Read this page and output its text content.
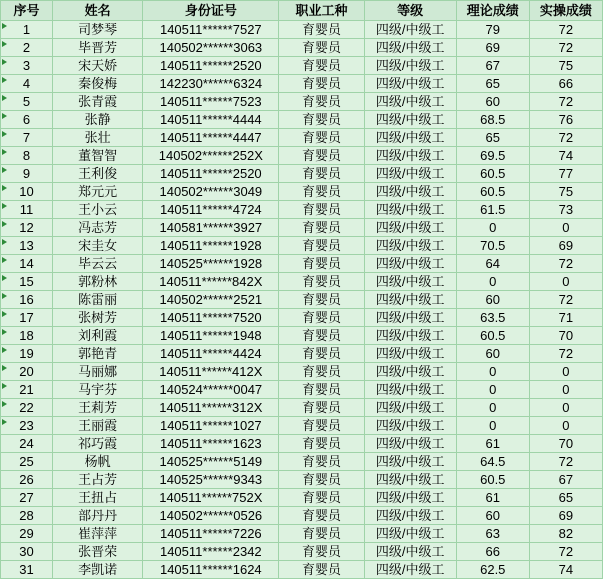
序号	姓名	身份证号	职业工种	等级	理论成绩	实操成绩
1	司梦琴	140511******7527	育婴员	四级/中级工	79	72
2	毕晋芳	140502******3063	育婴员	四级/中级工	69	72
3	宋天娇	140511******2520	育婴员	四级/中级工	67	75
4	秦俊梅	142230******6324	育婴员	四级/中级工	65	66
5	张青霞	140511******7523	育婴员	四级/中级工	60	72
6	张静	140511******4444	育婴员	四级/中级工	68.5	76
7	张壮	140511******4447	育婴员	四级/中级工	65	72
8	董智智	140502******252X	育婴员	四级/中级工	69.5	74
9	王利俊	140511******2520	育婴员	四级/中级工	60.5	77
10	郑元元	140502******3049	育婴员	四级/中级工	60.5	75
11	王小云	140511******4724	育婴员	四级/中级工	61.5	73
12	冯志芳	140581******3927	育婴员	四级/中级工	0	0
13	宋圭女	140511******1928	育婴员	四级/中级工	70.5	69
14	毕云云	140525******1928	育婴员	四级/中级工	64	72
15	郭粉林	140511******842X	育婴员	四级/中级工	0	0
16	陈雷丽	140502******2521	育婴员	四级/中级工	60	72
17	张树芳	140511******7520	育婴员	四级/中级工	63.5	71
18	刘利霞	140511******1948	育婴员	四级/中级工	60.5	70
19	郭艳青	140511******4424	育婴员	四级/中级工	60	72
20	马丽娜	140511******412X	育婴员	四级/中级工	0	0
21	马宇芬	140524******0047	育婴员	四级/中级工	0	0
22	王莉芳	140511******312X	育婴员	四级/中级工	0	0
23	王丽霞	140511******1027	育婴员	四级/中级工	0	0
24	祁巧霞	140511******1623	育婴员	四级/中级工	61	70
25	杨帆	140525******5149	育婴员	四级/中级工	64.5	72
26	王占芳	140525******9343	育婴员	四级/中级工	60.5	67
27	王扭占	140511******752X	育婴员	四级/中级工	61	65
28	部丹丹	140502******0526	育婴员	四级/中级工	60	69
29	崔萍萍	140511******7226	育婴员	四级/中级工	63	82
30	张晋荣	140511******2342	育婴员	四级/中级工	66	72
31	李凯诺	140511******1624	育婴员	四级/中级工	62.5	74
